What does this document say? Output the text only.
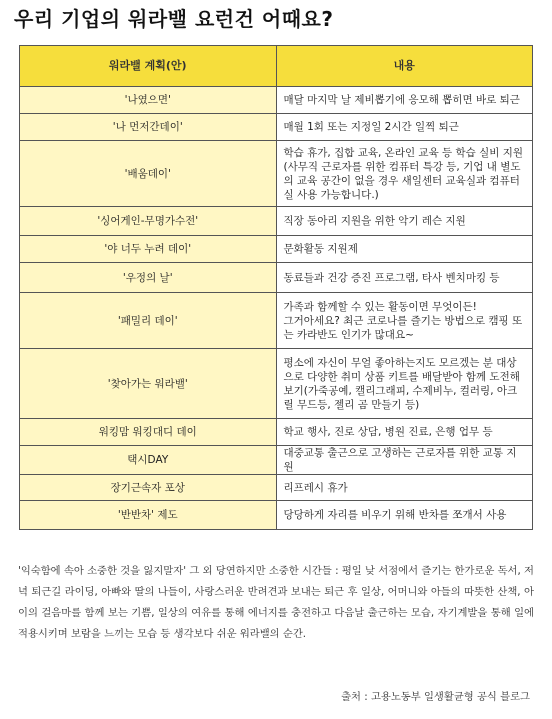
우리 기업의 워라밸 요런건 어때요?
워라밸 계획(안)	내용
'나였으면'	매달 마지막 날 제비뽑기에 응모해 뽑히면 바로 퇴근
'나 먼저간데이'	매월 1회 또는 지정일 2시간 일찍 퇴근
'배움데이'	학습 휴가, 집합 교육, 온라인 교육 등 학습 실비 지원
(사무직 근로자를 위한 컴퓨터 특강 등, 기업 내 별도의 교육 공간이 없을 경우 새일센터 교육실과 컴퓨터실 사용 가능합니다.)
'싱어게인-무명가수전'	직장 동아리 지원을 위한 악기 레슨 지원
'야 너두 누려 데이'	문화활동 지원제
'우정의 날'	동료들과 건강 증진 프로그램, 타사 벤치마킹 등
'패밀리 데이'	가족과 함께할 수 있는 활동이면 무엇이든!
그거아세요? 최근 코로나를 즐기는 방법으로 캠핑 또는 카라반도 인기가 많대요~
'찾아가는 워라밸'	평소에 자신이 무얼 좋아하는지도 모르겠는 분 대상으로 다양한 취미 상품 키트를 배달받아 함께 도전해보기(가죽공예, 캘리그래피, 수제비누, 컬러링, 아크릴 무드등, 젤리 곰 만들기 등)
워킹맘 워킹대디 데이	학교 행사, 진로 상담, 병원 진료, 은행 업무 등
택시DAY	대중교통 출근으로 고생하는 근로자를 위한 교통 지원
장기근속자 포상	리프레시 휴가
'반반차' 제도	당당하게 자리를 비우기 위해 반차를 쪼개서 사용
'익숙함에 속아 소중한 것을 잃지말자' 그 외 당연하지만 소중한 시간들 : 평일 낮 서점에서 즐기는 한가로운 독서, 저녁 퇴근길 라이딩, 아빠와 딸의 나들이, 사랑스러운 반려견과 보내는 퇴근 후 일상, 어머니와 아들의 따뜻한 산책, 아이의 걸음마를 함께 보는 기쁨, 일상의 여유를 통해 에너지를 충전하고 다음날 출근하는 모습, 자기계발을 통해 일에 적용시키며 보람을 느끼는 모습 등 생각보다 쉬운 워라밸의 순간.
출처 : 고용노동부 일생활균형 공식 블로그
